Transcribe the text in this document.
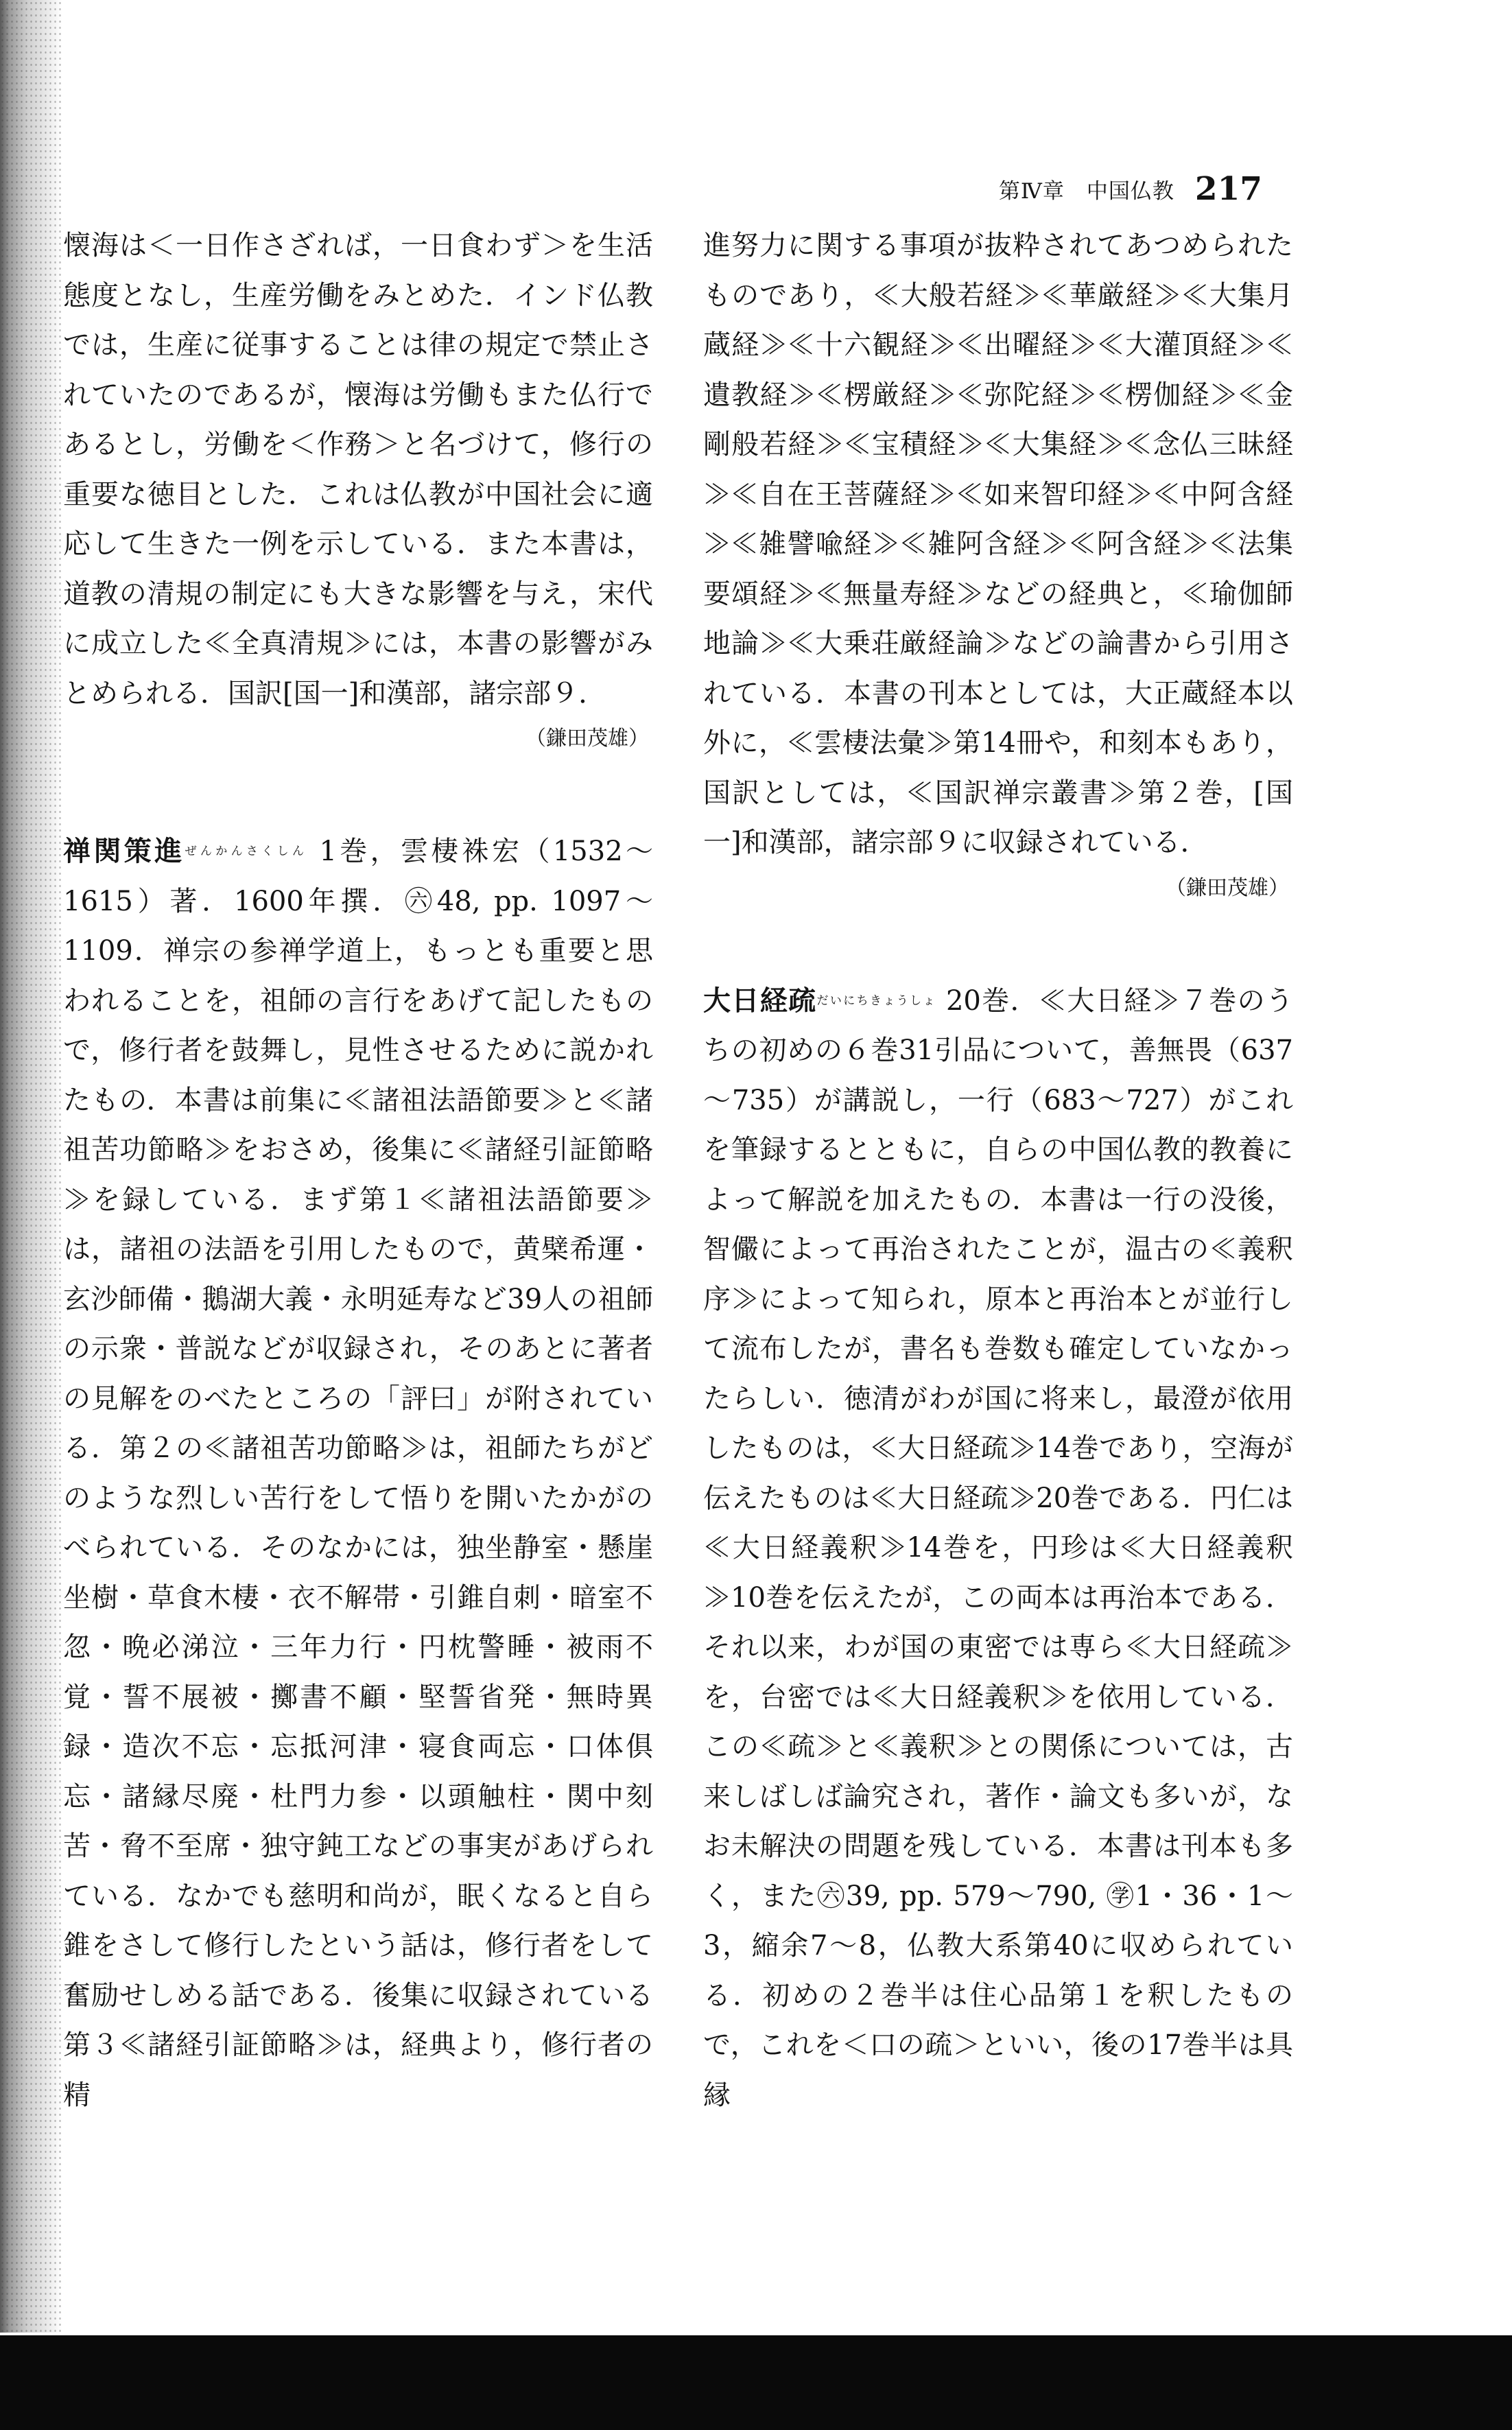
第Ⅳ章　中国仏教 217

懐海は＜一日作さざれば，一日食わず＞を生活態度となし，生産労働をみとめた．インド仏教では，生産に従事することは律の規定で禁止されていたのであるが，懐海は労働もまた仏行であるとし，労働を＜作務＞と名づけて，修行の重要な徳目とした．これは仏教が中国社会に適応して生きた一例を示している．また本書は，道教の清規の制定にも大きな影響を与え，宋代に成立した≪全真清規≫には，本書の影響がみとめられる．国訳[国一]和漢部，諸宗部９．

（鎌田茂雄）

禅関策進$^{ぜんかんさくしん}$ 1巻，雲棲袾宏（1532～1615）著．1600年撰．㊅48, pp. 1097～1109．禅宗の参禅学道上，もっとも重要と思われることを，祖師の言行をあげて記したもので，修行者を鼓舞し，見性させるために説かれたもの．本書は前集に≪諸祖法語節要≫と≪諸祖苦功節略≫をおさめ，後集に≪諸経引証節略≫を録している．まず第１≪諸祖法語節要≫は，諸祖の法語を引用したもので，黄檗希運・玄沙師備・鵝湖大義・永明延寿など39人の祖師の示衆・普説などが収録され，そのあとに著者の見解をのべたところの「評曰」が附されている．第２の≪諸祖苦功節略≫は，祖師たちがどのような烈しい苦行をして悟りを開いたかがのべられている．そのなかには，独坐静室・懸崖坐樹・草食木棲・衣不解帯・引錐自刺・暗室不忽・晩必涕泣・三年力行・円枕警睡・被雨不覚・誓不展被・擲書不顧・堅誓省発・無時異録・造次不忘・忘抵河津・寝食両忘・口体俱忘・諸縁尽廃・杜門力参・以頭触柱・関中刻苦・脅不至席・独守鈍工などの事実があげられている．なかでも慈明和尚が，眠くなると自ら錐をさして修行したという話は，修行者をして奮励せしめる話である．後集に収録されている第３≪諸経引証節略≫は，経典より，修行者の精

進努力に関する事項が抜粋されてあつめられたものであり，≪大般若経≫≪華厳経≫≪大集月蔵経≫≪十六観経≫≪出曜経≫≪大灌頂経≫≪遺教経≫≪楞厳経≫≪弥陀経≫≪楞伽経≫≪金剛般若経≫≪宝積経≫≪大集経≫≪念仏三昧経≫≪自在王菩薩経≫≪如来智印経≫≪中阿含経≫≪雑譬喩経≫≪雑阿含経≫≪阿含経≫≪法集要頌経≫≪無量寿経≫などの経典と，≪瑜伽師地論≫≪大乗荘厳経論≫などの論書から引用されている．本書の刊本としては，大正蔵経本以外に，≪雲棲法彙≫第14冊や，和刻本もあり，国訳としては，≪国訳禅宗叢書≫第２巻，[国一]和漢部，諸宗部９に収録されている．

（鎌田茂雄）

大日経疏$^{だいにちきょうしょ}$ 20巻．≪大日経≫７巻のうちの初めの６巻31引品について，善無畏（637～735）が講説し，一行（683～727）がこれを筆録するとともに，自らの中国仏教的教養によって解説を加えたもの．本書は一行の没後，智儼によって再治されたことが，温古の≪義釈序≫によって知られ，原本と再治本とが並行して流布したが，書名も巻数も確定していなかったらしい．徳清がわが国に将来し，最澄が依用したものは，≪大日経疏≫14巻であり，空海が伝えたものは≪大日経疏≫20巻である．円仁は≪大日経義釈≫14巻を，円珍は≪大日経義釈≫10巻を伝えたが，この両本は再治本である．それ以来，わが国の東密では専ら≪大日経疏≫を，台密では≪大日経義釈≫を依用している．この≪疏≫と≪義釈≫との関係については，古来しばしば論究され，著作・論文も多いが，なお未解決の問題を残している．本書は刊本も多く，また㊅39, pp. 579～790, ㊫1・36・1～3，縮余7～8，仏教大系第40に収められている．初めの２巻半は住心品第１を釈したもので，これを＜口の疏＞といい，後の17巻半は具縁
